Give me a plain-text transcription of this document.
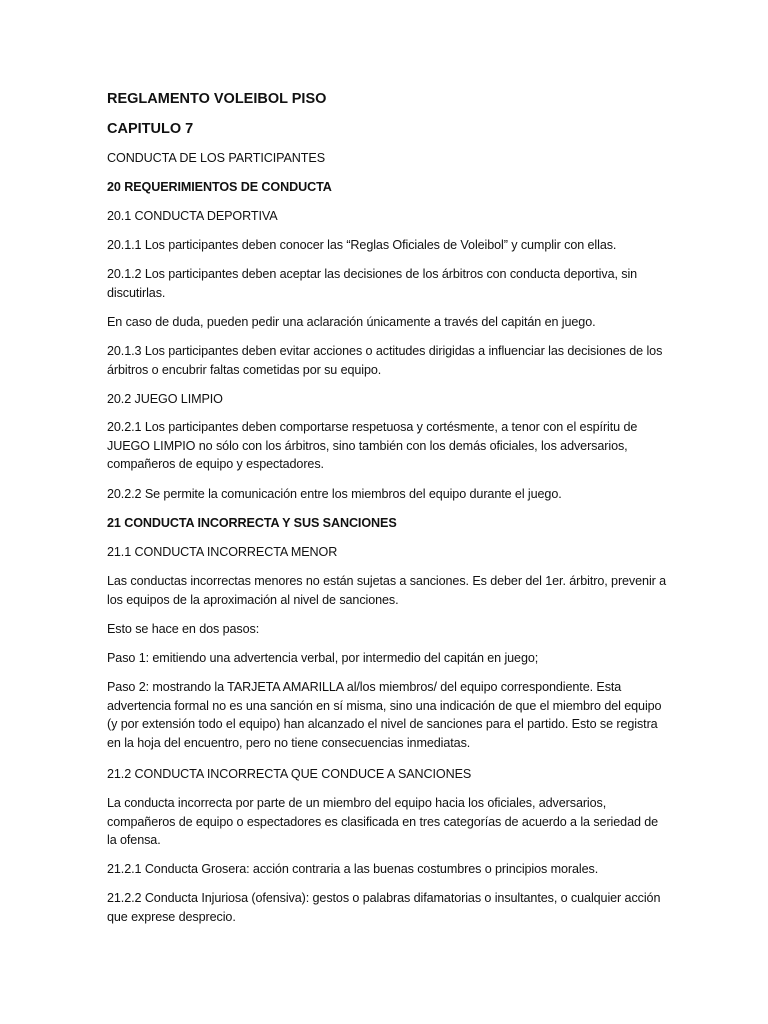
REGLAMENTO VOLEIBOL PISO
CAPITULO 7
CONDUCTA DE LOS PARTICIPANTES
20 REQUERIMIENTOS DE CONDUCTA
20.1 CONDUCTA DEPORTIVA
20.1.1 Los participantes deben conocer las “Reglas Oficiales de Voleibol” y cumplir con ellas.
20.1.2 Los participantes deben aceptar las decisiones de los árbitros con conducta deportiva, sin discutirlas.
En caso de duda, pueden pedir una aclaración únicamente a través del capitán en juego.
20.1.3 Los participantes deben evitar acciones o actitudes dirigidas a influenciar las decisiones de los árbitros o encubrir faltas cometidas por su equipo.
20.2 JUEGO LIMPIO
20.2.1 Los participantes deben comportarse respetuosa y cortésmente, a tenor con el espíritu de JUEGO LIMPIO no sólo con los árbitros, sino también con los demás oficiales, los adversarios, compañeros de equipo y espectadores.
20.2.2 Se permite la comunicación entre los miembros del equipo durante el juego.
21 CONDUCTA INCORRECTA Y SUS SANCIONES
21.1 CONDUCTA INCORRECTA MENOR
Las conductas incorrectas menores no están sujetas a sanciones. Es deber del 1er. árbitro, prevenir a los equipos de la aproximación al nivel de sanciones.
Esto se hace en dos pasos:
Paso 1: emitiendo una advertencia verbal, por intermedio del capitán en juego;
Paso 2: mostrando la TARJETA AMARILLA al/los miembros/ del equipo correspondiente. Esta advertencia formal no es una sanción en sí misma, sino una indicación de que el miembro del equipo (y por extensión todo el equipo) han alcanzado el nivel de sanciones para el partido. Esto se registra en la hoja del encuentro, pero no tiene consecuencias inmediatas.
21.2 CONDUCTA INCORRECTA QUE CONDUCE A SANCIONES
La conducta incorrecta por parte de un miembro del equipo hacia los oficiales, adversarios, compañeros de equipo o espectadores es clasificada en tres categorías de acuerdo a la seriedad de la ofensa.
21.2.1 Conducta Grosera: acción contraria a las buenas costumbres o principios morales.
21.2.2 Conducta Injuriosa (ofensiva): gestos o palabras difamatorias o insultantes, o cualquier acción que exprese desprecio.
